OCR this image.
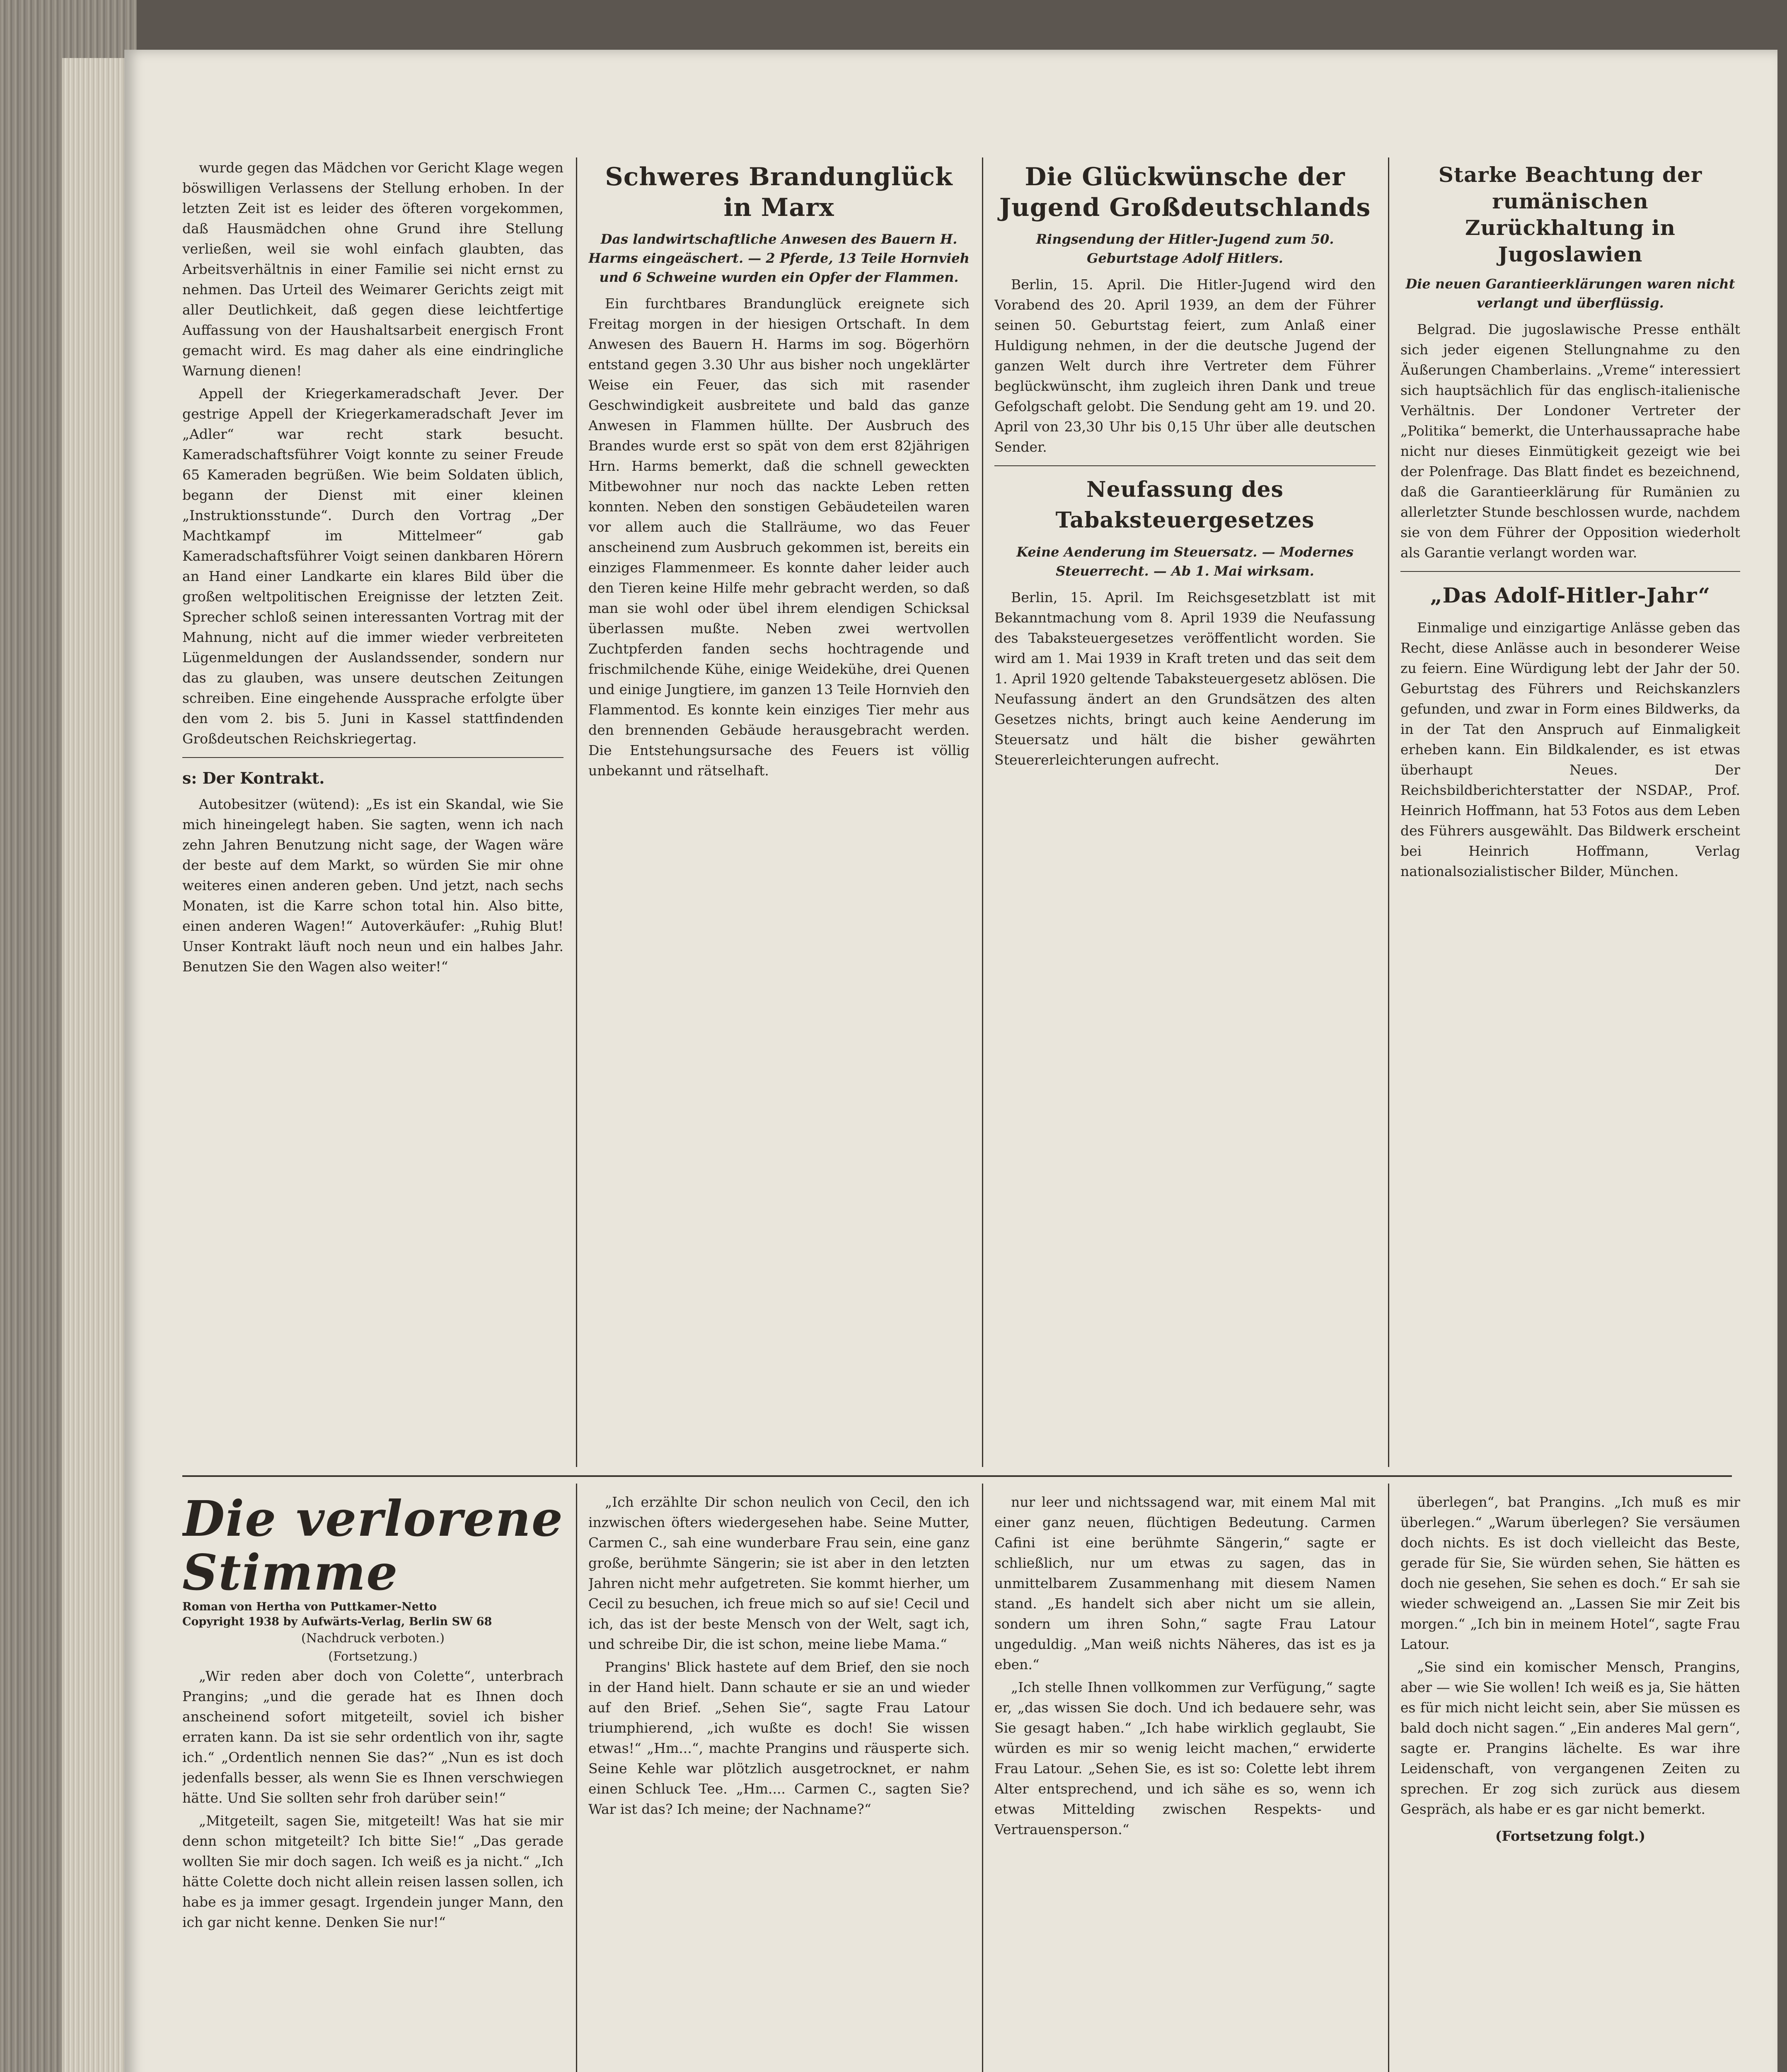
wurde gegen das Mädchen vor Gericht Klage wegen böswilligen Verlassens der Stellung erhoben. In der letzten Zeit ist es leider des öfteren vorgekommen, daß Hausmädchen ohne Grund ihre Stellung verließen, weil sie wohl einfach glaubten, das Arbeitsverhältnis in einer Familie sei nicht ernst zu nehmen. Das Urteil des Weimarer Gerichts zeigt mit aller Deutlichkeit, daß gegen diese leichtfertige Auffassung von der Haushaltsarbeit energisch Front gemacht wird. Es mag daher als eine eindringliche Warnung dienen!

Appell der Kriegerkameradschaft Jever. Der gestrige Appell der Kriegerkameradschaft Jever im „Adler“ war recht stark besucht. Kameradschaftsführer Voigt konnte zu seiner Freude 65 Kameraden begrüßen. Wie beim Soldaten üblich, begann der Dienst mit einer kleinen „Instruktionsstunde“. Durch den Vortrag „Der Machtkampf im Mittelmeer“ gab Kameradschaftsführer Voigt seinen dankbaren Hörern an Hand einer Landkarte ein klares Bild über die großen weltpolitischen Ereignisse der letzten Zeit. Sprecher schloß seinen interessanten Vortrag mit der Mahnung, nicht auf die immer wieder verbreiteten Lügenmeldungen der Auslandssender, sondern nur das zu glauben, was unsere deutschen Zeitungen schreiben. Eine eingehende Aussprache erfolgte über den vom 2. bis 5. Juni in Kassel stattfindenden Großdeutschen Reichskriegertag.

s: Der Kontrakt.

Autobesitzer (wütend): „Es ist ein Skandal, wie Sie mich hineingelegt haben. Sie sagten, wenn ich nach zehn Jahren Benutzung nicht sage, der Wagen wäre der beste auf dem Markt, so würden Sie mir ohne weiteres einen anderen geben. Und jetzt, nach sechs Monaten, ist die Karre schon total hin. Also bitte, einen anderen Wagen!“ Autoverkäufer: „Ruhig Blut! Unser Kontrakt läuft noch neun und ein halbes Jahr. Benutzen Sie den Wagen also weiter!“

Schweres Brandunglück in Marx
Das landwirtschaftliche Anwesen des Bauern H. Harms eingeäschert. — 2 Pferde, 13 Teile Hornvieh und 6 Schweine wurden ein Opfer der Flammen.

Ein furchtbares Brandunglück ereignete sich Freitag morgen in der hiesigen Ortschaft. In dem Anwesen des Bauern H. Harms im sog. Bögerhörn entstand gegen 3.30 Uhr aus bisher noch ungeklärter Weise ein Feuer, das sich mit rasender Geschwindigkeit ausbreitete und bald das ganze Anwesen in Flammen hüllte. Der Ausbruch des Brandes wurde erst so spät von dem erst 82jährigen Hrn. Harms bemerkt, daß die schnell geweckten Mitbewohner nur noch das nackte Leben retten konnten. Neben den sonstigen Gebäudeteilen waren vor allem auch die Stallräume, wo das Feuer anscheinend zum Ausbruch gekommen ist, bereits ein einziges Flammenmeer. Es konnte daher leider auch den Tieren keine Hilfe mehr gebracht werden, so daß man sie wohl oder übel ihrem elendigen Schicksal überlassen mußte. Neben zwei wertvollen Zuchtpferden fanden sechs hochtragende und frischmilchende Kühe, einige Weidekühe, drei Quenen und einige Jungtiere, im ganzen 13 Teile Hornvieh den Flammentod. Es konnte kein einziges Tier mehr aus den brennenden Gebäude herausgebracht werden. Die Entstehungsursache des Feuers ist völlig unbekannt und rätselhaft.

Die Glückwünsche der Jugend Großdeutschlands
Ringsendung der Hitler-Jugend zum 50. Geburtstage Adolf Hitlers.

Berlin, 15. April. Die Hitler-Jugend wird den Vorabend des 20. April 1939, an dem der Führer seinen 50. Geburtstag feiert, zum Anlaß einer Huldigung nehmen, in der die deutsche Jugend der ganzen Welt durch ihre Vertreter dem Führer beglückwünscht, ihm zugleich ihren Dank und treue Gefolgschaft gelobt. Die Sendung geht am 19. und 20. April von 23,30 Uhr bis 0,15 Uhr über alle deutschen Sender.

Neufassung des Tabaksteuergesetzes
Keine Aenderung im Steuersatz. — Modernes Steuerrecht. — Ab 1. Mai wirksam.

Berlin, 15. April. Im Reichsgesetzblatt ist mit Bekanntmachung vom 8. April 1939 die Neufassung des Tabaksteuergesetzes veröffentlicht worden. Sie wird am 1. Mai 1939 in Kraft treten und das seit dem 1. April 1920 geltende Tabaksteuergesetz ablösen. Die Neufassung ändert an den Grundsätzen des alten Gesetzes nichts, bringt auch keine Aenderung im Steuersatz und hält die bisher gewährten Steuererleichterungen aufrecht.

Starke Beachtung der rumänischen Zurückhaltung in Jugoslawien
Die neuen Garantieerklärungen waren nicht verlangt und überflüssig.

Belgrad. Die jugoslawische Presse enthält sich jeder eigenen Stellungnahme zu den Äußerungen Chamberlains. „Vreme“ interessiert sich hauptsächlich für das englisch-italienische Verhältnis. Der Londoner Vertreter der „Politika“ bemerkt, die Unterhaussaprache habe nicht nur dieses Einmütigkeit gezeigt wie bei der Polenfrage. Das Blatt findet es bezeichnend, daß die Garantieerklärung für Rumänien zu allerletzter Stunde beschlossen wurde, nachdem sie von dem Führer der Opposition wiederholt als Garantie verlangt worden war.

„Das Adolf-Hitler-Jahr“

Einmalige und einzigartige Anlässe geben das Recht, diese Anlässe auch in besonderer Weise zu feiern. Eine Würdigung lebt der Jahr der 50. Geburtstag des Führers und Reichskanzlers gefunden, und zwar in Form eines Bildwerks, da in der Tat den Anspruch auf Einmaligkeit erheben kann. Ein Bildkalender, es ist etwas überhaupt Neues. Der Reichsbildberichterstatter der NSDAP., Prof. Heinrich Hoffmann, hat 53 Fotos aus dem Leben des Führers ausgewählt. Das Bildwerk erscheint bei Heinrich Hoffmann, Verlag nationalsozialistischer Bilder, München.

Die verlorene Stimme
Roman von Hertha von Puttkamer-Netto
Copyright 1938 by Aufwärts-Verlag, Berlin SW 68
(Nachdruck verboten.)
(Fortsetzung.)

„Wir reden aber doch von Colette“, unterbrach Prangins; „und die gerade hat es Ihnen doch anscheinend sofort mitgeteilt, soviel ich bisher erraten kann. Da ist sie sehr ordentlich von ihr, sagte ich.“ „Ordentlich nennen Sie das?“ „Nun es ist doch jedenfalls besser, als wenn Sie es Ihnen verschwiegen hätte. Und Sie sollten sehr froh darüber sein!“

„Mitgeteilt, sagen Sie, mitgeteilt! Was hat sie mir denn schon mitgeteilt? Ich bitte Sie!“ „Das gerade wollten Sie mir doch sagen. Ich weiß es ja nicht.“ „Ich hätte Colette doch nicht allein reisen lassen sollen, ich habe es ja immer gesagt. Irgendein junger Mann, den ich gar nicht kenne. Denken Sie nur!“

„Ich erzählte Dir schon neulich von Cecil, den ich inzwischen öfters wiedergesehen habe. Seine Mutter, Carmen C., sah eine wunderbare Frau sein, eine ganz große, berühmte Sängerin; sie ist aber in den letzten Jahren nicht mehr aufgetreten. Sie kommt hierher, um Cecil zu besuchen, ich freue mich so auf sie! Cecil und ich, das ist der beste Mensch von der Welt, sagt ich, und schreibe Dir, die ist schon, meine liebe Mama.“

Prangins' Blick hastete auf dem Brief, den sie noch in der Hand hielt. Dann schaute er sie an und wieder auf den Brief. „Sehen Sie“, sagte Frau Latour triumphierend, „ich wußte es doch! Sie wissen etwas!“ „Hm...“, machte Prangins und räusperte sich. Seine Kehle war plötzlich ausgetrocknet, er nahm einen Schluck Tee. „Hm.... Carmen C., sagten Sie? War ist das? Ich meine; der Nachname?“

nur leer und nichtssagend war, mit einem Mal mit einer ganz neuen, flüchtigen Bedeutung. Carmen Cafini ist eine berühmte Sängerin,“ sagte er schließlich, nur um etwas zu sagen, das in unmittelbarem Zusammenhang mit diesem Namen stand. „Es handelt sich aber nicht um sie allein, sondern um ihren Sohn,“ sagte Frau Latour ungeduldig. „Man weiß nichts Näheres, das ist es ja eben.“

„Ich stelle Ihnen vollkommen zur Verfügung,“ sagte er, „das wissen Sie doch. Und ich bedauere sehr, was Sie gesagt haben.“ „Ich habe wirklich geglaubt, Sie würden es mir so wenig leicht machen,“ erwiderte Frau Latour. „Sehen Sie, es ist so: Colette lebt ihrem Alter entsprechend, und ich sähe es so, wenn ich etwas Mittelding zwischen Respekts- und Vertrauensperson.“

überlegen“, bat Prangins. „Ich muß es mir überlegen.“ „Warum überlegen? Sie versäumen doch nichts. Es ist doch vielleicht das Beste, gerade für Sie, Sie würden sehen, Sie hätten es doch nie gesehen, Sie sehen es doch.“ Er sah sie wieder schweigend an. „Lassen Sie mir Zeit bis morgen.“ „Ich bin in meinem Hotel“, sagte Frau Latour.

„Sie sind ein komischer Mensch, Prangins, aber — wie Sie wollen! Ich weiß es ja, Sie hätten es für mich nicht leicht sein, aber Sie müssen es bald doch nicht sagen.“ „Ein anderes Mal gern“, sagte er. Prangins lächelte. Es war ihre Leidenschaft, von vergangenen Zeiten zu sprechen. Er zog sich zurück aus diesem Gespräch, als habe er es gar nicht bemerkt.

(Fortsetzung folgt.)
